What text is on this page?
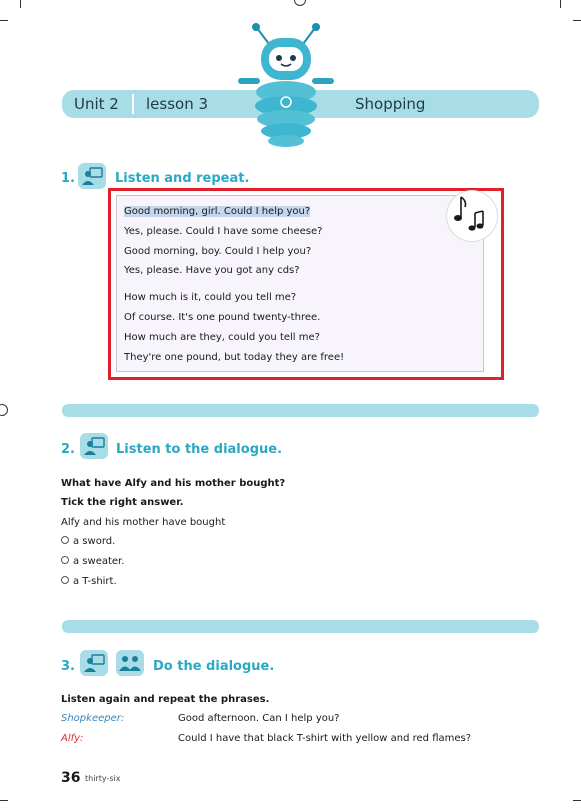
Unit 2 lesson 3	Shopping
1.	Listen and repeat.
Good morning, girl. Could I help you?
Yes, please. Could I have some cheese?
Good morning, boy. Could I help you?
Yes, please. Have you got any cds?
How much is it, could you tell me?
Of course. It's one pound twenty-three.
How much are they, could you tell me?
They're one pound, but today they are free!
2.	Listen to the dialogue.
What have Alfy and his mother bought?
Tick the right answer.
Alfy and his mother have bought
a sword.
a sweater.
a T-shirt.
3.	Do the dialogue.
Listen again and repeat the phrases.
Shopkeeper:	Good afternoon. Can I help you?
Alfy:	Could I have that black T-shirt with yellow and red flames?
36 thirty-six
